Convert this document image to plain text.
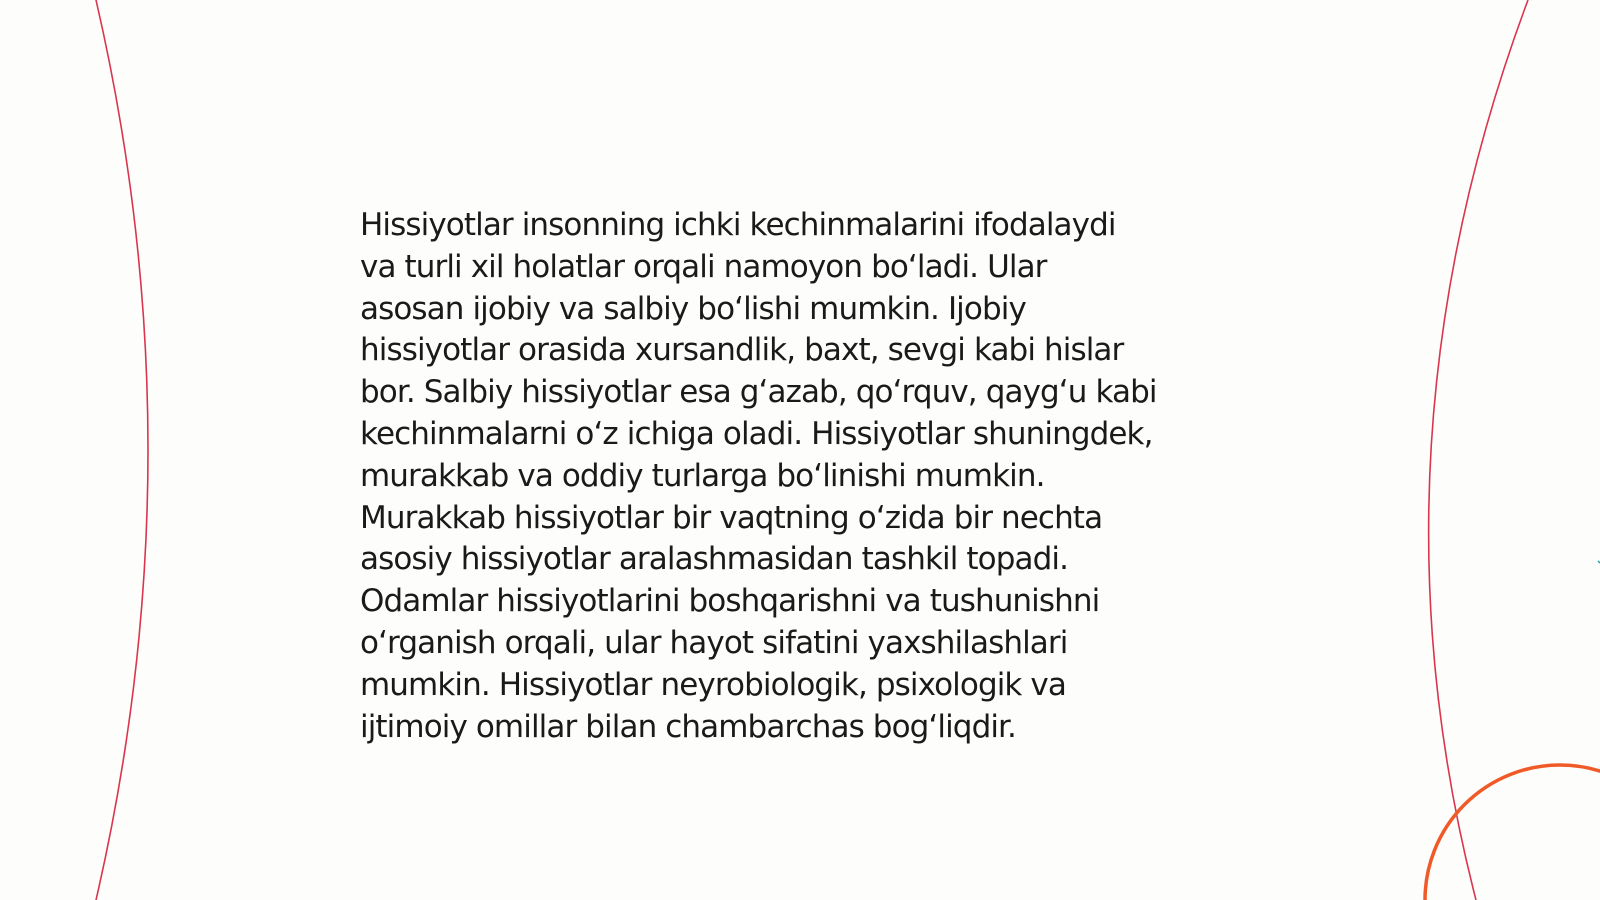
Hissiyotlar insonning ichki kechinmalarini ifodalaydi
va turli xil holatlar orqali namoyon boʻladi. Ular
asosan ijobiy va salbiy boʻlishi mumkin. Ijobiy
hissiyotlar orasida xursandlik, baxt, sevgi kabi hislar
bor. Salbiy hissiyotlar esa gʻazab, qoʻrquv, qaygʻu kabi
kechinmalarni oʻz ichiga oladi. Hissiyotlar shuningdek,
murakkab va oddiy turlarga boʻlinishi mumkin.
Murakkab hissiyotlar bir vaqtning oʻzida bir nechta
asosiy hissiyotlar aralashmasidan tashkil topadi.
Odamlar hissiyotlarini boshqarishni va tushunishni
oʻrganish orqali, ular hayot sifatini yaxshilashlari
mumkin. Hissiyotlar neyrobiologik, psixologik va
ijtimoiy omillar bilan chambarchas bogʻliqdir.
